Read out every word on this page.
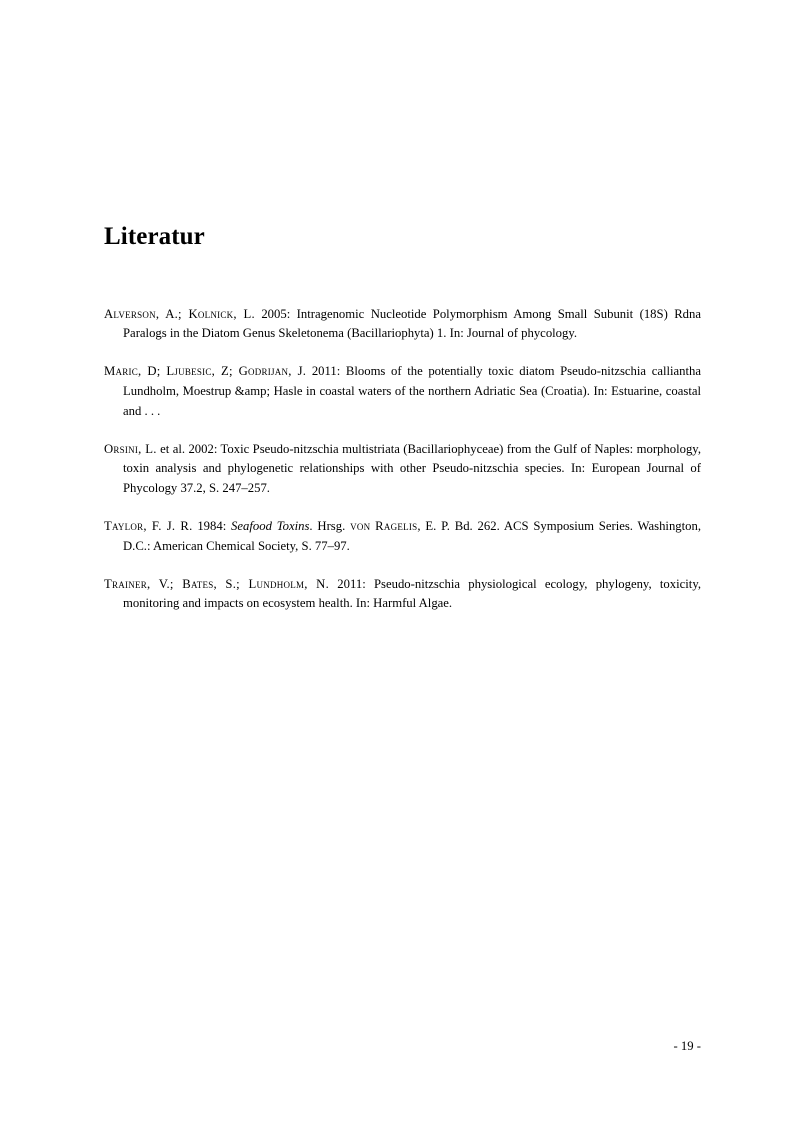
Literatur

Alverson, A.; Kolnick, L. 2005: Intragenomic Nucleotide Polymorphism Among Small Subunit (18S) Rdna Paralogs in the Diatom Genus Skeletonema (Bacillariophyta) 1. In: Journal of phycology.

Maric, D; Ljubesic, Z; Godrijan, J. 2011: Blooms of the potentially toxic diatom Pseudo-nitzschia calliantha Lundholm, Moestrup &amp; Hasle in coastal waters of the northern Adriatic Sea (Croatia). In: Estuarine, coastal and . . .

Orsini, L. et al. 2002: Toxic Pseudo-nitzschia multistriata (Bacillariophyceae) from the Gulf of Naples: morphology, toxin analysis and phylogenetic relationships with other Pseudo-nitzschia species. In: European Journal of Phycology 37.2, S. 247–257.

Taylor, F. J. R. 1984: Seafood Toxins. Hrsg. von Ragelis, E. P. Bd. 262. ACS Symposium Series. Washington, D.C.: American Chemical Society, S. 77–97.

Trainer, V.; Bates, S.; Lundholm, N. 2011: Pseudo-nitzschia physiological ecology, phylogeny, toxicity, monitoring and impacts on ecosystem health. In: Harmful Algae.

- 19 -
